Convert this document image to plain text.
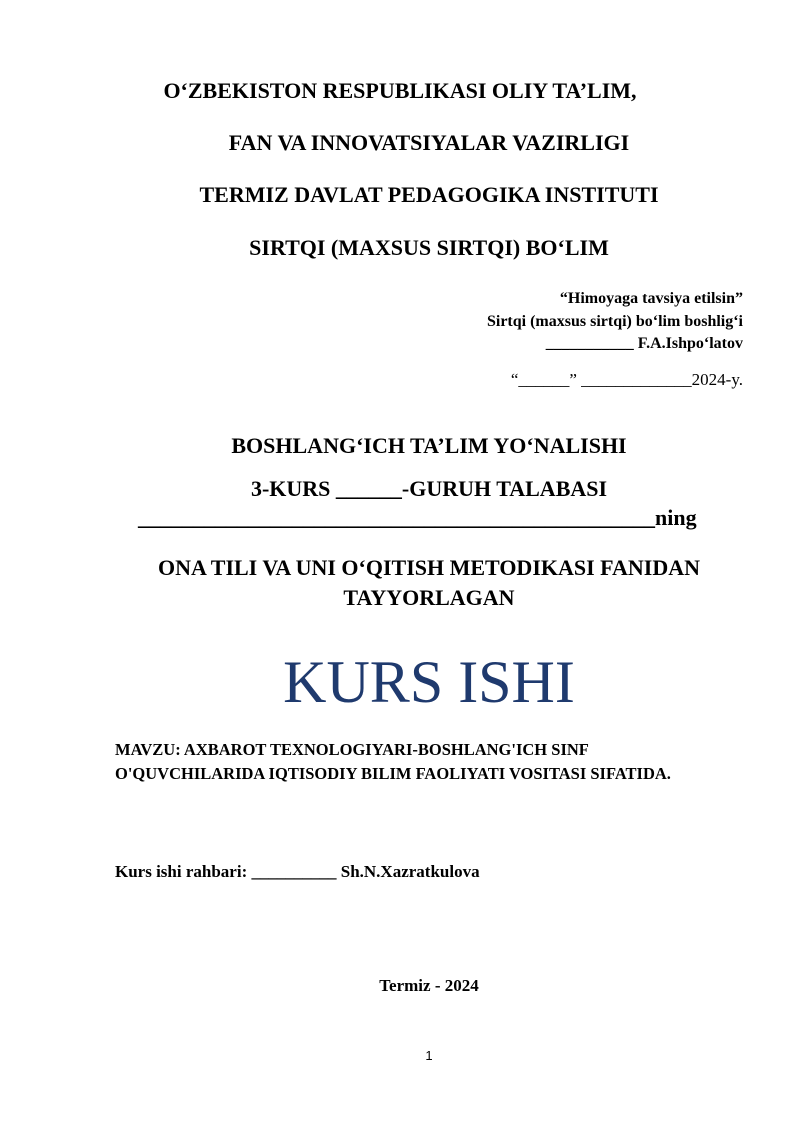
O‘ZBEKISTON RESPUBLIKASI OLIY TA’LIM,
FAN VA INNOVATSIYALAR VAZIRLIGI
TERMIZ DAVLAT PEDAGOGIKA INSTITUTI
SIRTQI (MAXSUS SIRTQI) BO‘LIM
“Himoyaga tavsiya etilsin”
Sirtqi (maxsus sirtqi) bo‘lim boshlig‘i
___________ F.A.Ishpo‘latov
“______” _____________2024-y.
BOSHLANG‘ICH TA’LIM YO‘NALISHI
3-KURS ______-GURUH TALABASI
_______________________________________________ning
ONA TILI VA UNI O‘QITISH METODIKASI FANIDAN
TAYYORLAGAN
KURS ISHI
MAVZU: AXBAROT TEXNOLOGIYARI-BOSHLANG'ICH SINF O'QUVCHILARIDA IQTISODIY BILIM FAOLIYATI VOSITASI SIFATIDA.
Kurs ishi rahbari: __________ Sh.N.Xazratkulova
Termiz - 2024
1
